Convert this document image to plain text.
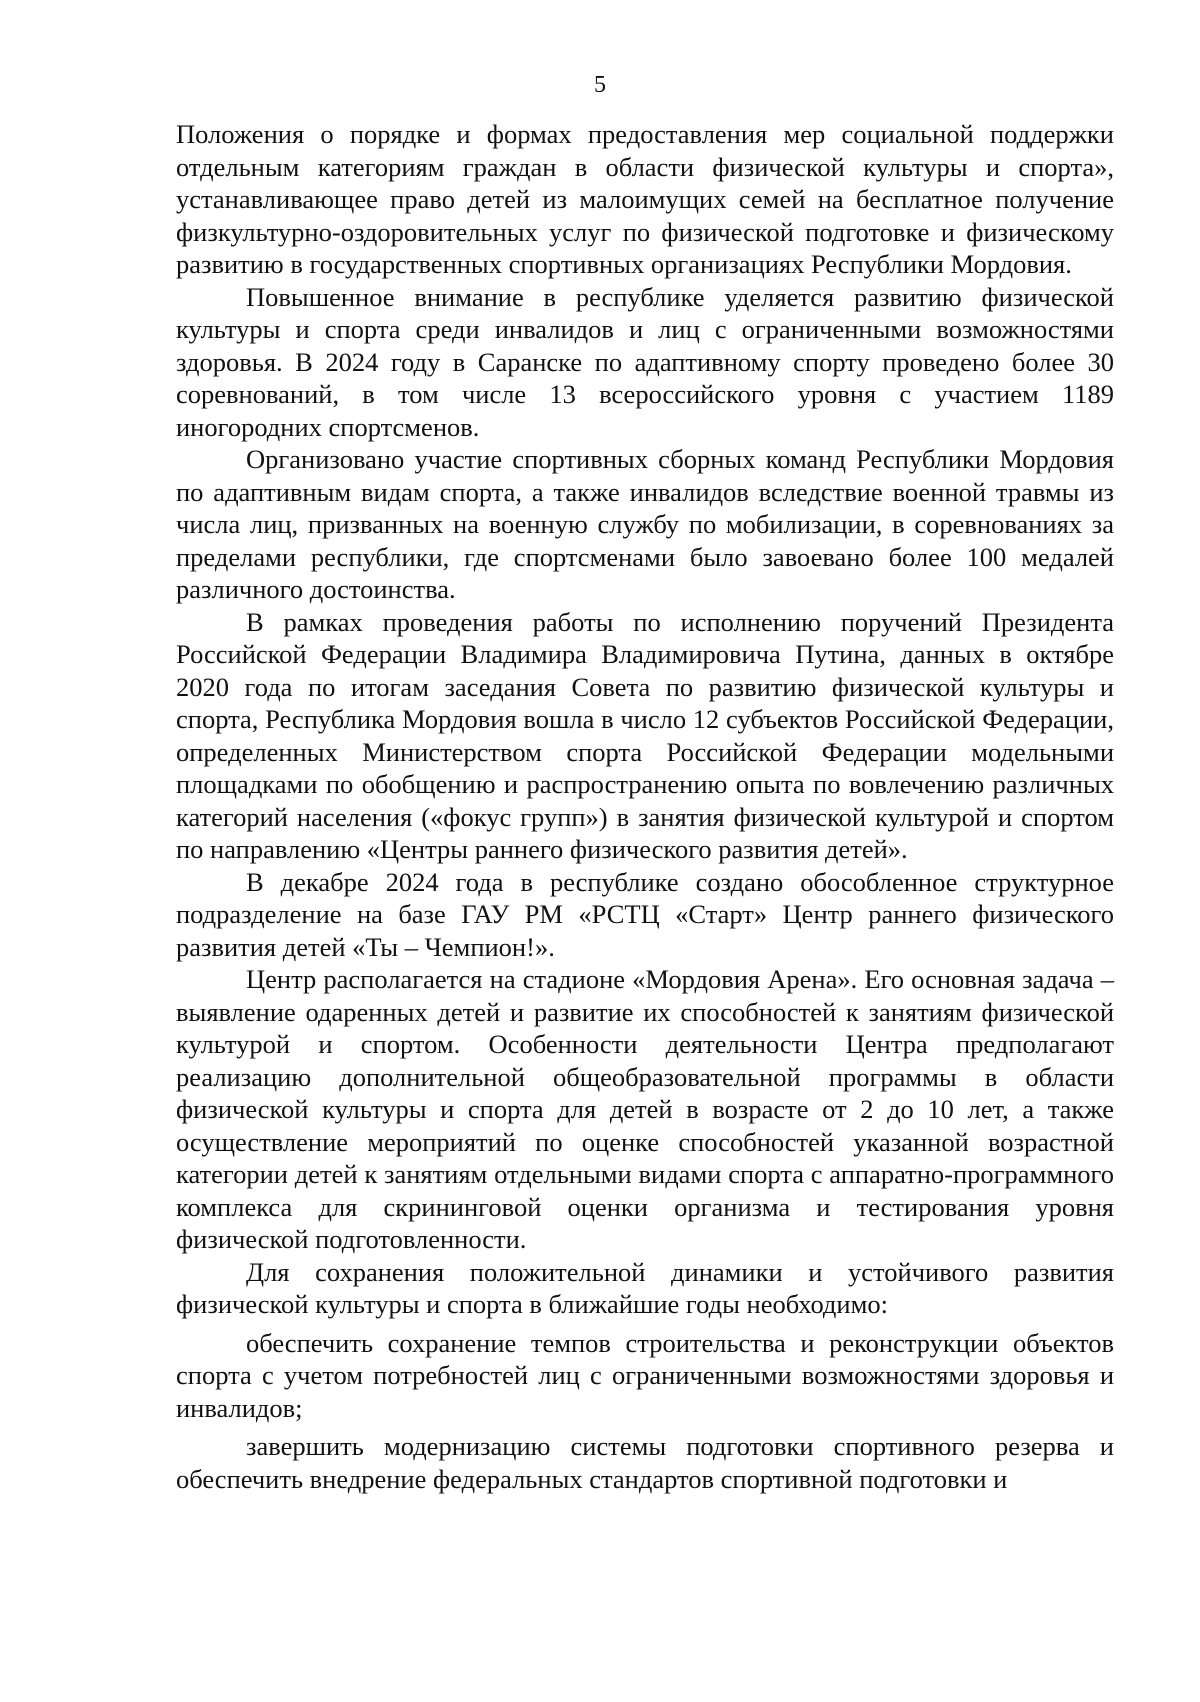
5

Положения о порядке и формах предоставления мер социальной поддержки отдельным категориям граждан в области физической культуры и спорта», устанавливающее право детей из малоимущих семей на бесплатное получение физкультурно-оздоровительных услуг по физической подготовке и физическому развитию в государственных спортивных организациях Республики Мордовия.

Повышенное внимание в республике уделяется развитию физической культуры и спорта среди инвалидов и лиц с ограниченными возможностями здоровья. В 2024 году в Саранске по адаптивному спорту проведено более 30 соревнований, в том числе 13 всероссийского уровня с участием 1189 иногородних спортсменов.

Организовано участие спортивных сборных команд Республики Мордовия по адаптивным видам спорта, а также инвалидов вследствие военной травмы из числа лиц, призванных на военную службу по мобилизации, в соревнованиях за пределами республики, где спортсменами было завоевано более 100 медалей различного достоинства.

В рамках проведения работы по исполнению поручений Президента Российской Федерации Владимира Владимировича Путина, данных в октябре 2020 года по итогам заседания Совета по развитию физической культуры и спорта, Республика Мордовия вошла в число 12 субъектов Российской Федерации, определенных Министерством спорта Российской Федерации модельными площадками по обобщению и распространению опыта по вовлечению различных категорий населения («фокус групп») в занятия физической культурой и спортом по направлению «Центры раннего физического развития детей».

В декабре 2024 года в республике создано обособленное структурное подразделение на базе ГАУ РМ «РСТЦ «Старт» Центр раннего физического развития детей «Ты – Чемпион!».

Центр располагается на стадионе «Мордовия Арена». Его основная задача – выявление одаренных детей и развитие их способностей к занятиям физической культурой и спортом. Особенности деятельности Центра предполагают реализацию дополнительной общеобразовательной программы в области физической культуры и спорта для детей в возрасте от 2 до 10 лет, а также осуществление мероприятий по оценке способностей указанной возрастной категории детей к занятиям отдельными видами спорта с аппаратно-программного комплекса для скрининговой оценки организма и тестирования уровня физической подготовленности.

Для сохранения положительной динамики и устойчивого развития физической культуры и спорта в ближайшие годы необходимо:

обеспечить сохранение темпов строительства и реконструкции объектов спорта с учетом потребностей лиц с ограниченными возможностями здоровья и инвалидов;

завершить модернизацию системы подготовки спортивного резерва и обеспечить внедрение федеральных стандартов спортивной подготовки и
